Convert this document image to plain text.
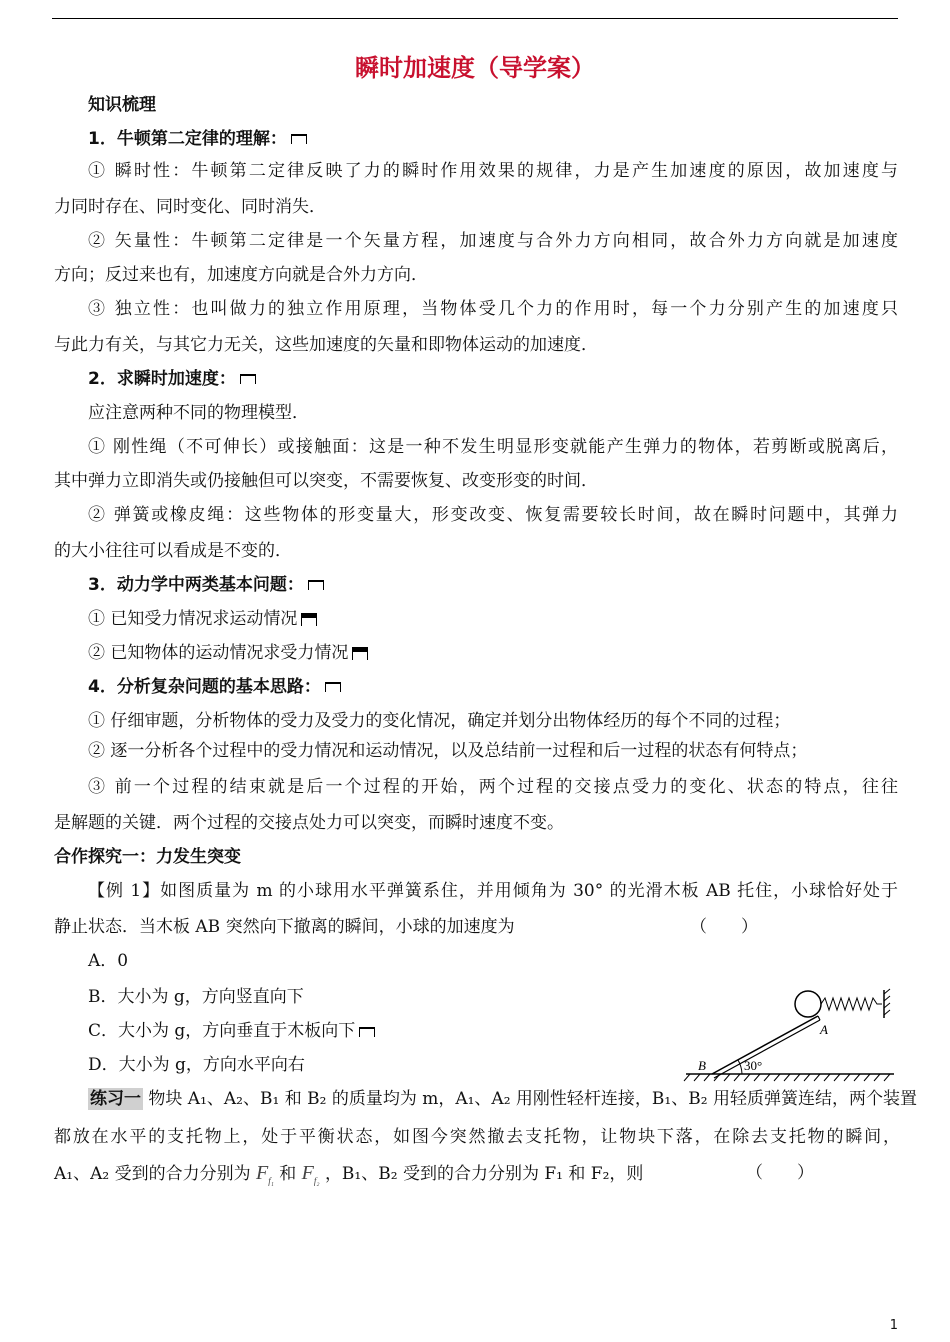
瞬时加速度（导学案）
知识梳理
1．牛顿第二定律的理解：
① 瞬时性：牛顿第二定律反映了力的瞬时作用效果的规律，力是产生加速度的原因，故加速度与
力同时存在、同时变化、同时消失．
② 矢量性：牛顿第二定律是一个矢量方程，加速度与合外力方向相同，故合外力方向就是加速度
方向；反过来也有，加速度方向就是合外力方向．
③ 独立性：也叫做力的独立作用原理，当物体受几个力的作用时，每一个力分别产生的加速度只
与此力有关，与其它力无关，这些加速度的矢量和即物体运动的加速度．
2．求瞬时加速度：
应注意两种不同的物理模型．
① 刚性绳（不可伸长）或接触面：这是一种不发生明显形变就能产生弹力的物体，若剪断或脱离后，
其中弹力立即消失或仍接触但可以突变，不需要恢复、改变形变的时间．
② 弹簧或橡皮绳：这些物体的形变量大，形变改变、恢复需要较长时间，故在瞬时问题中，其弹力
的大小往往可以看成是不变的．
3．动力学中两类基本问题：
① 已知受力情况求运动情况
② 已知物体的运动情况求受力情况
4．分析复杂问题的基本思路：
① 仔细审题，分析物体的受力及受力的变化情况，确定并划分出物体经历的每个不同的过程；
② 逐一分析各个过程中的受力情况和运动情况，以及总结前一过程和后一过程的状态有何特点；
③ 前一个过程的结束就是后一个过程的开始，两个过程的交接点受力的变化、状态的特点，往往
是解题的关键．两个过程的交接点处力可以突变，而瞬时速度不变。
合作探究一：力发生突变
【例 1】如图质量为 m 的小球用水平弹簧系住，并用倾角为 30° 的光滑木板 AB 托住，小球恰好处于
静止状态．当木板 AB 突然向下撤离的瞬间，小球的加速度为	（　　）
A．0
B．大小为 g，方向竖直向下
C．大小为 g，方向垂直于木板向下
D．大小为 g，方向水平向右
A
B	30°
练习一 物块 A₁、A₂、B₁ 和 B₂ 的质量均为 m，A₁、A₂ 用刚性轻杆连接，B₁、B₂ 用轻质弹簧连结，两个装置
都放在水平的支托物上，处于平衡状态，如图今突然撤去支托物，让物块下落，在除去支托物的瞬间，
A₁、A₂ 受到的合力分别为 $F_{f_1}$ 和 $F_{f_2}$ ，B₁、B₂ 受到的合力分别为 F₁ 和 F₂，则	（　　）
1
